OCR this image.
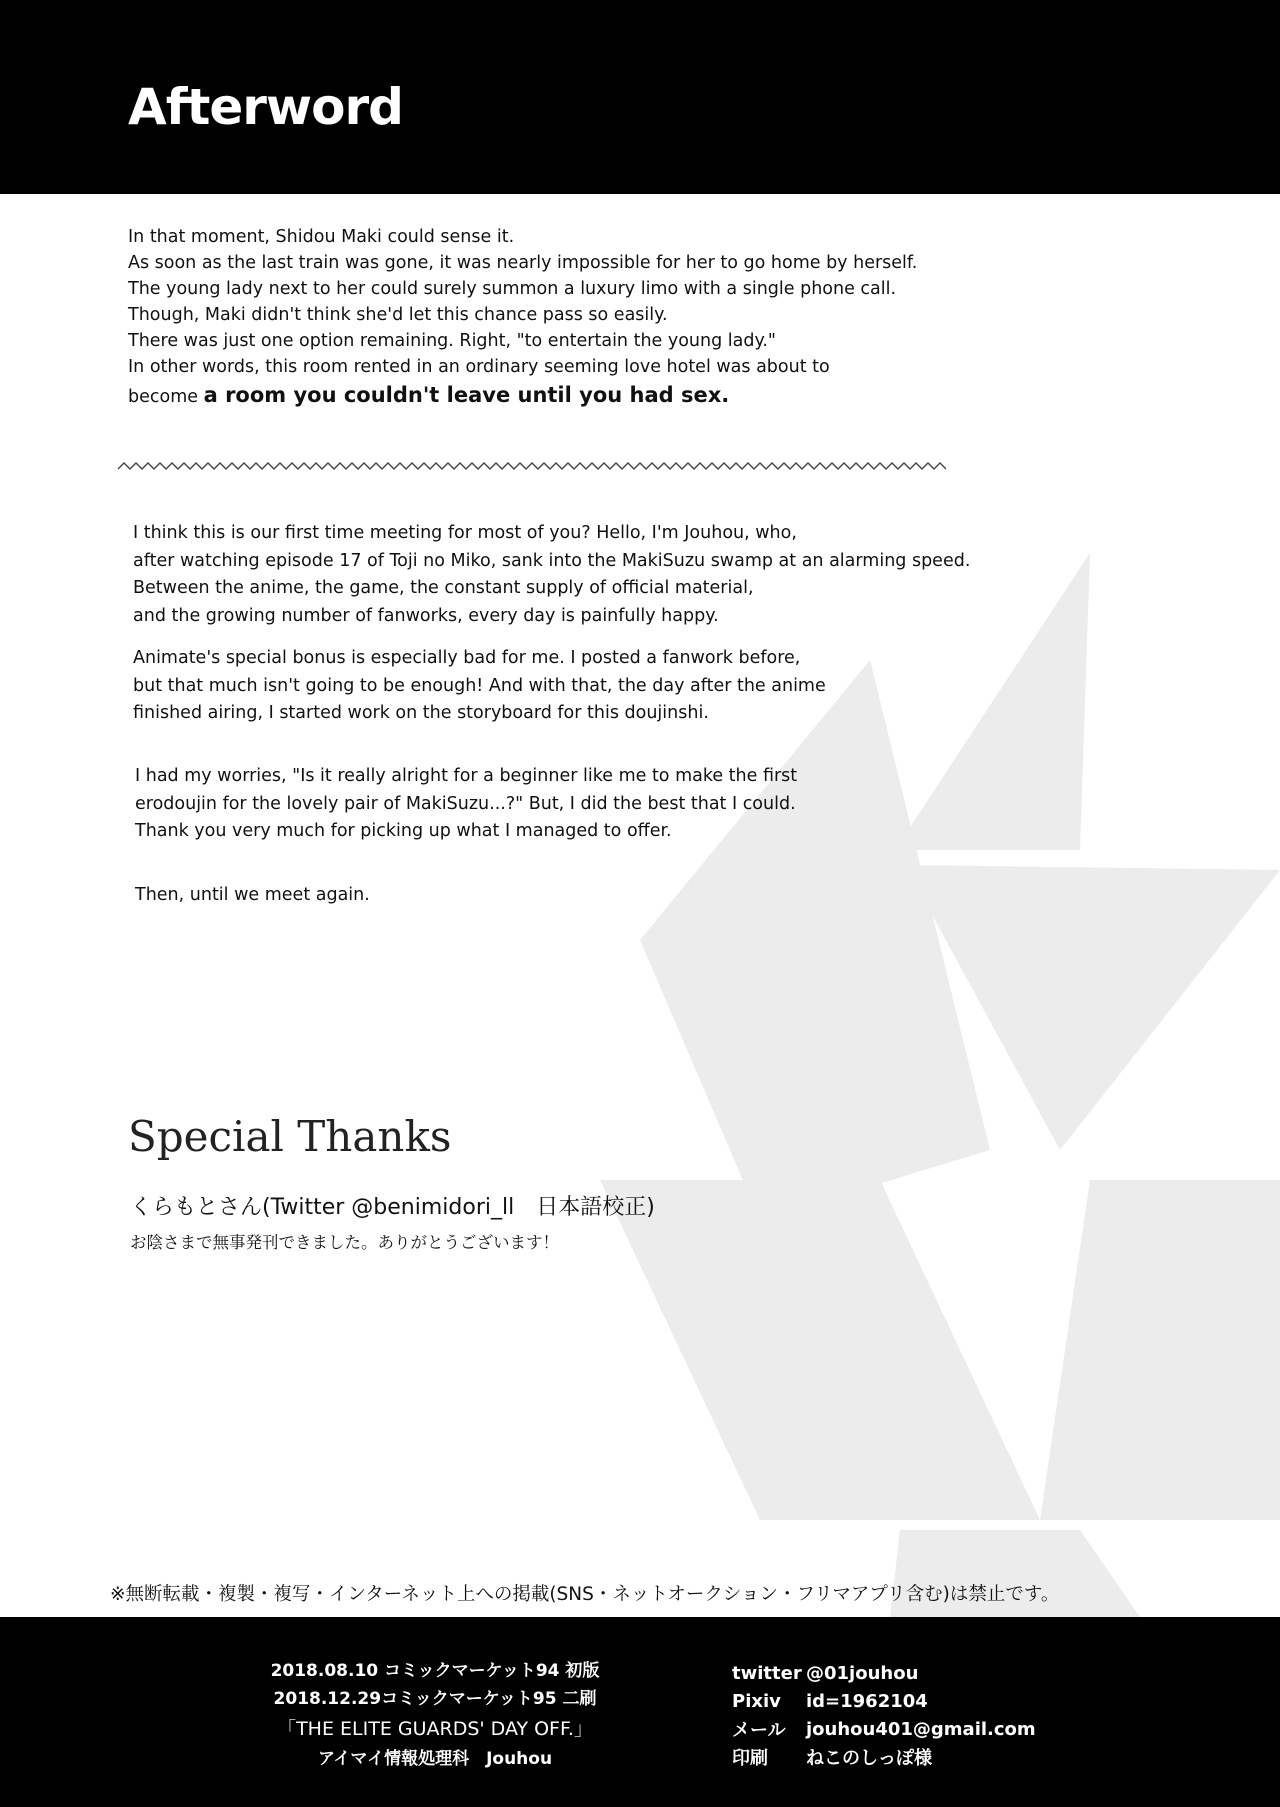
Afterword
In that moment, Shidou Maki could sense it.
As soon as the last train was gone, it was nearly impossible for her to go home by herself.
The young lady next to her could surely summon a luxury limo with a single phone call.
Though, Maki didn't think she'd let this chance pass so easily.
There was just one option remaining. Right, "to entertain the young lady."
In other words, this room rented in an ordinary seeming love hotel was about to
become a room you couldn't leave until you had sex.
I think this is our first time meeting for most of you? Hello, I'm Jouhou, who,
after watching episode 17 of Toji no Miko, sank into the MakiSuzu swamp at an alarming speed.
Between the anime, the game, the constant supply of official material,
and the growing number of fanworks, every day is painfully happy.
Animate's special bonus is especially bad for me. I posted a fanwork before,
but that much isn't going to be enough! And with that, the day after the anime
finished airing, I started work on the storyboard for this doujinshi.
I had my worries, "Is it really alright for a beginner like me to make the first
erodoujin for the lovely pair of MakiSuzu...?" But, I did the best that I could.
Thank you very much for picking up what I managed to offer.
Then, until we meet again.
Special Thanks
くらもとさん(Twitter @benimidori_ll　日本語校正)
お陰さまで無事発刊できました。ありがとうございます！
※無断転載・複製・複写・インターネット上への掲載(SNS・ネットオークション・フリマアプリ含む)は禁止です。
2018.08.10 コミックマーケット94 初版
2018.12.29コミックマーケット95 二刷
「THE ELITE GUARDS' DAY OFF.」
アイマイ情報処理科　Jouhou
twitter @01jouhou
Pixiv	id=1962104
メール	jouhou401@gmail.com
印刷	ねこのしっぽ様
